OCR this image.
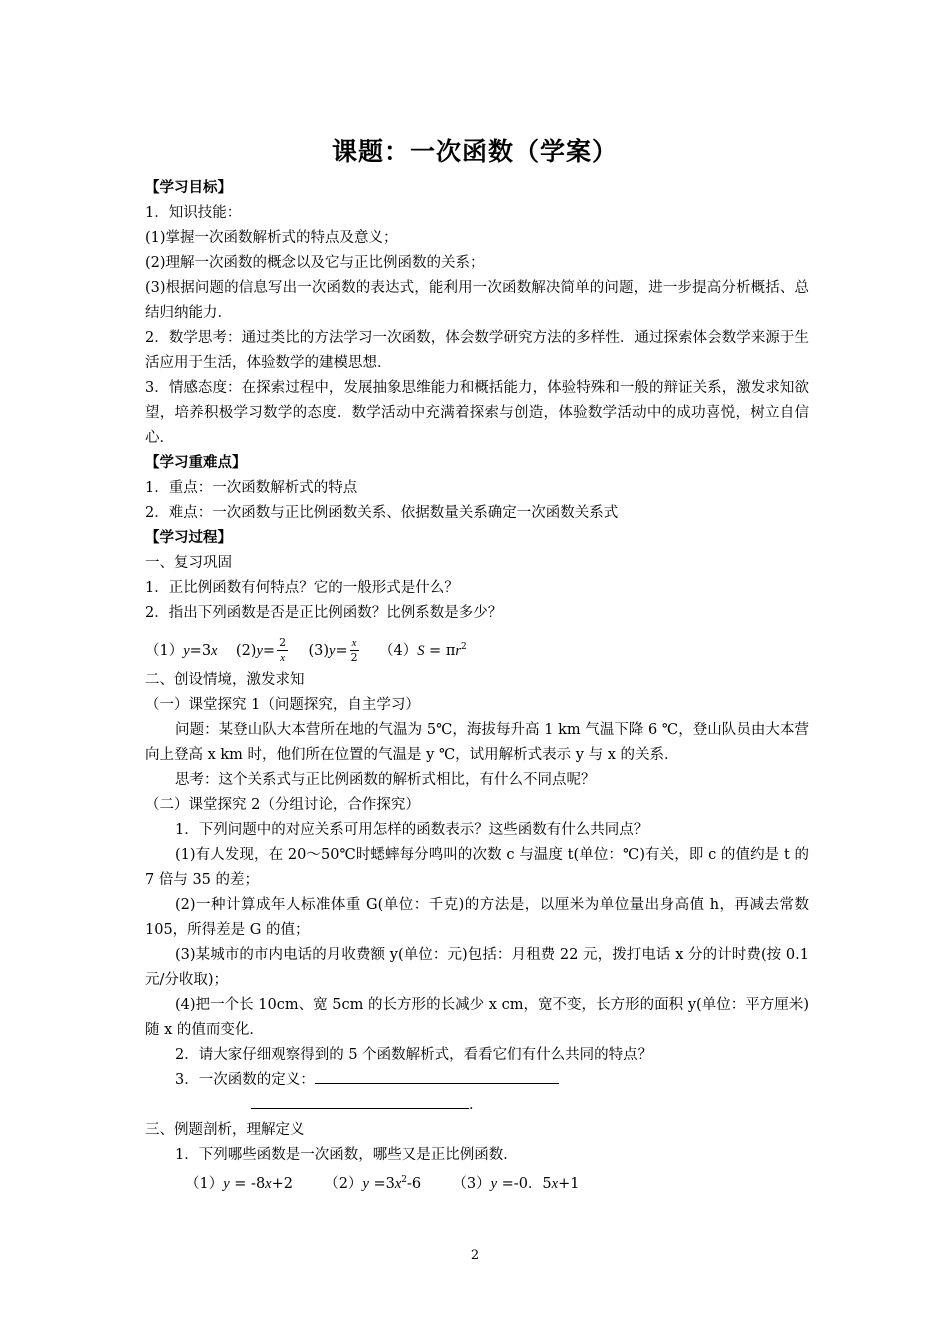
课题：一次函数（学案）
【学习目标】
1．知识技能：
(1)掌握一次函数解析式的特点及意义；
(2)理解一次函数的概念以及它与正比例函数的关系；
(3)根据问题的信息写出一次函数的表达式，能利用一次函数解决简单的问题，进一步提高分析概括、总结归纳能力．
2．数学思考：通过类比的方法学习一次函数，体会数学研究方法的多样性．通过探索体会数学来源于生活应用于生活，体验数学的建模思想．
3．情感态度：在探索过程中，发展抽象思维能力和概括能力，体验特殊和一般的辩证关系，激发求知欲望，培养积极学习数学的态度．数学活动中充满着探索与创造，体验数学活动中的成功喜悦，树立自信心．
【学习重难点】
1．重点：一次函数解析式的特点
2．难点：一次函数与正比例函数关系、依据数量关系确定一次函数关系式
【学习过程】
一、复习巩固
1．正比例函数有何特点？它的一般形式是什么？
2．指出下列函数是否是正比例函数？比例系数是多少？
（1）y=3x $(2)y= \frac{2}{x} (3)y= \frac{x}{2} (4)S = \pi r^2$
二、创设情境，激发求知
（一）课堂探究 1（问题探究，自主学习）
问题：某登山队大本营所在地的气温为 5℃，海拔每升高 1 km 气温下降 6 ℃，登山队员由大本营向上登高 x km 时，他们所在位置的气温是 y ℃，试用解析式表示 y 与 x 的关系．
思考：这个关系式与正比例函数的解析式相比，有什么不同点呢？
（二）课堂探究 2（分组讨论，合作探究）
1．下列问题中的对应关系可用怎样的函数表示？这些函数有什么共同点？
(1)有人发现，在 20～50℃时蟋蟀每分鸣叫的次数 c 与温度 t(单位：℃)有关，即 c 的值约是 t 的 7 倍与 35 的差；
(2)一种计算成年人标准体重 G(单位：千克)的方法是，以厘米为单位量出身高值 h，再减去常数 105，所得差是 G 的值；
(3)某城市的市内电话的月收费额 y(单位：元)包括：月租费 22 元，拨打电话 x 分的计时费(按 0.1 元/分收取)；
(4)把一个长 10cm、宽 5cm 的长方形的长减少 x cm，宽不变，长方形的面积 y(单位：平方厘米)随 x 的值而变化．
2．请大家仔细观察得到的 5 个函数解析式，看看它们有什么共同的特点？
3．一次函数的定义：
．
三、例题剖析，理解定义
1．下列哪些函数是一次函数，哪些又是正比例函数．
（1）y = -8x+2 $(2)y =3x^2-6$ （3）y =-0．5x+1
2
